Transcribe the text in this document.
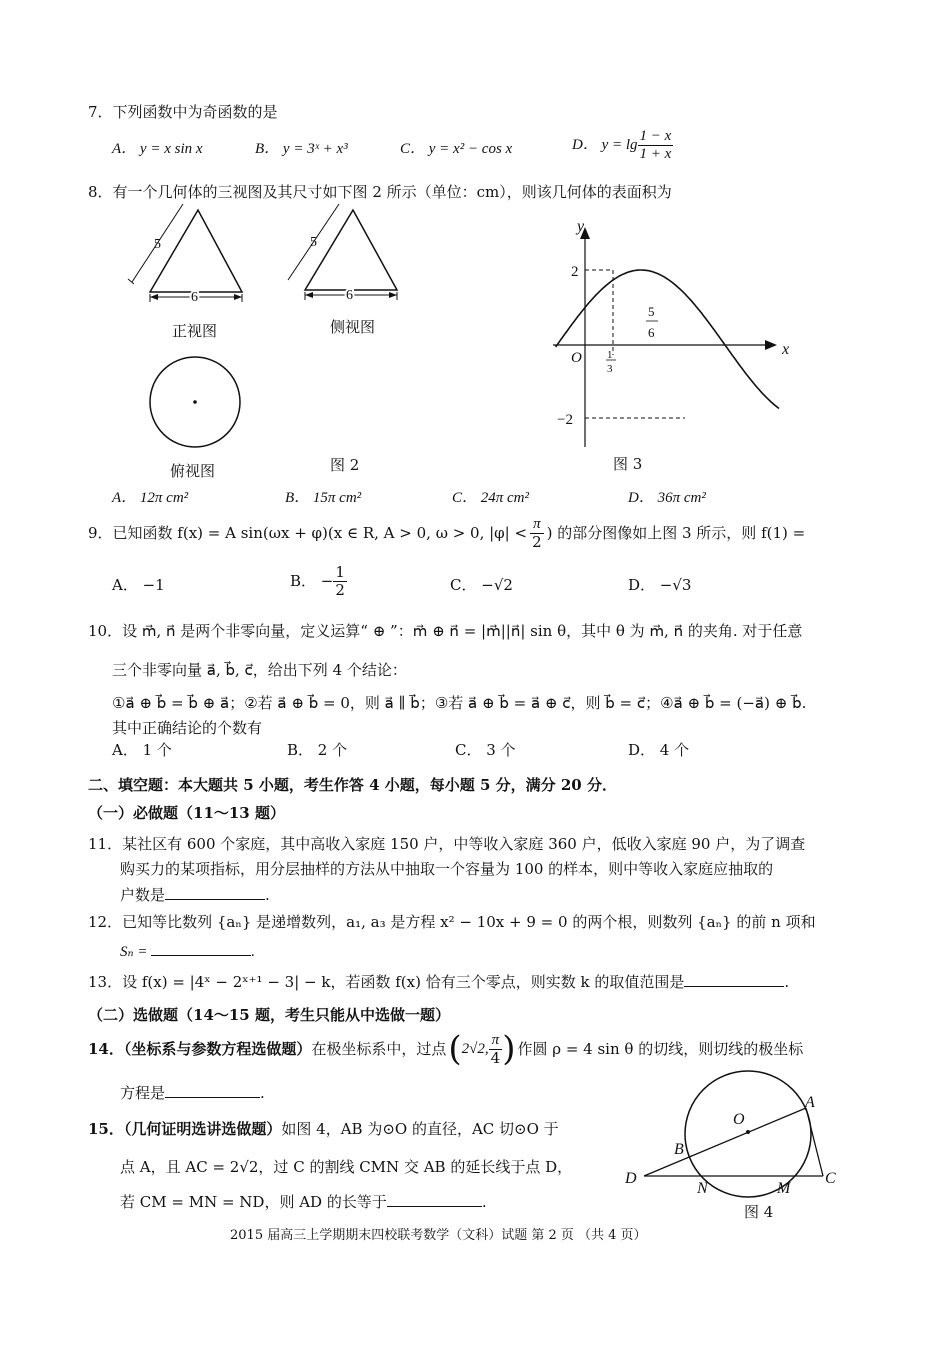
7．下列函数中为奇函数的是
A． y = x sin x	B． y = 3ˣ + x³	C． y = x² − cos x	D． $y = \lg \frac{1 - x}{1 + x}$
8．有一个几何体的三视图及其尺寸如下图 2 所示（单位：cm），则该几何体的表面积为
5
6
5
6
正视图	侧视图
俯视图	图 2
x
y
O
2
−2
1
3
5
6
图 3
A． 12π cm²	B． 15π cm²	C． 24π cm²	D． 36π cm²
9．已知函数 f(x) = A sin(ωx + φ)(x ∈ R, A > 0, ω > 0, $|\varphi| < \frac{\pi}{2}$ ) 的部分图像如上图 3 所示，则 f(1) =
A． −1	B． − $\frac{1}{2}$	C． −√2	D． −√3
10．设 m⃗, n⃗ 是两个非零向量，定义运算“ ⊕ ”：m⃗ ⊕ n⃗ = |m⃗||n⃗| sin θ，其中 θ 为 m⃗, n⃗ 的夹角. 对于任意
三个非零向量 a⃗, b⃗, c⃗，给出下列 4 个结论：
①a⃗ ⊕ b⃗ = b⃗ ⊕ a⃗；②若 a⃗ ⊕ b⃗ = 0，则 a⃗ ∥ b⃗；③若 a⃗ ⊕ b⃗ = a⃗ ⊕ c⃗，则 b⃗ = c⃗；④a⃗ ⊕ b⃗ = (−a⃗) ⊕ b⃗.
其中正确结论的个数有
A． 1 个	B． 2 个	C． 3 个	D． 4 个
二、填空题：本大题共 5 小题，考生作答 4 小题，每小题 5 分，满分 20 分．
（一）必做题（11～13 题）
11．某社区有 600 个家庭，其中高收入家庭 150 户，中等收入家庭 360 户，低收入家庭 90 户，为了调查
购买力的某项指标，用分层抽样的方法从中抽取一个容量为 100 的样本，则中等收入家庭应抽取的
户数是	.
12．已知等比数列 {aₙ} 是递增数列，a₁, a₃ 是方程 x² − 10x + 9 = 0 的两个根，则数列 {aₙ} 的前 n 项和
Sₙ =	.
13．设 f(x) = |4ˣ − 2ˣ⁺¹ − 3| − k，若函数 f(x) 恰有三个零点，则实数 k 的取值范围是	.
（二）选做题（14～15 题，考生只能从中选做一题）
14．（坐标系与参数方程选做题） 在极坐标系中，过点 ( 2√2, $\frac{\pi}{4}$ ) 作圆 ρ = 4 sin θ 的切线，则切线的极坐标
方程是	.
15．（几何证明选讲选做题）如图 4，AB 为⊙O 的直径，AC 切⊙O 于
点 A，且 AC = 2√2，过 C 的割线 CMN 交 AB 的延长线于点 D，
若 CM = MN = ND，则 AD 的长等于	.
O
A
B
C
D
N	M
图 4
2015 届高三上学期期末四校联考数学（文科）试题 第 2 页 （共 4 页）
